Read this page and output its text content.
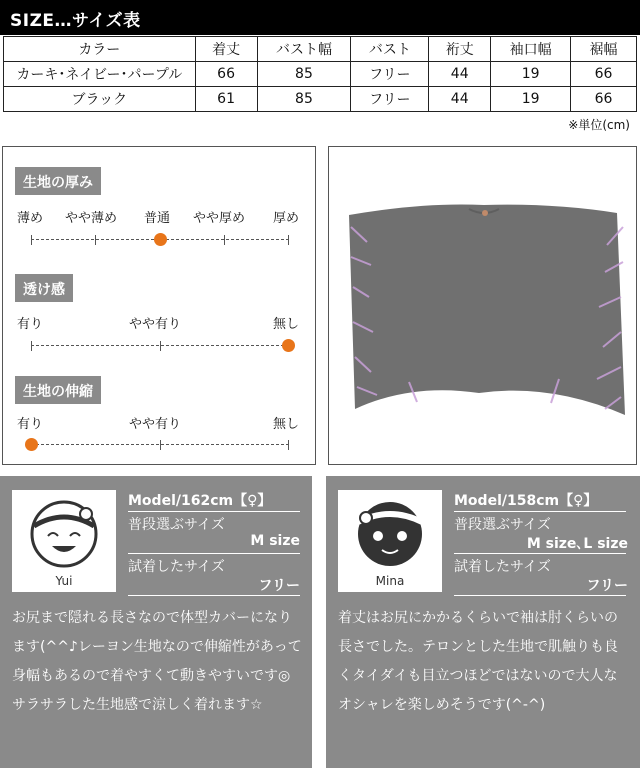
SIZE…サイズ表
カラー	着丈	バスト幅	バスト	裄丈	袖口幅	裾幅
カーキ･ネイビー･パープル	66	85	フリー	44	19	66
ブラック	61	85	フリー	44	19	66
※単位(cm)
生地の厚み
薄め やや薄め 普通 やや厚め 厚め
透け感
有り	やや有り	無し
生地の伸縮
有り	やや有り	無し
Yui
Model/162cm【♀】
普段選ぶサイズ
M size
試着したサイズ
フリー
お尻まで隠れる長さなので体型カバーになります(^^♪レーヨン生地なので伸縮性があって身幅もあるので着やすくて動きやすいです◎サラサラした生地感で涼しく着れます☆
Mina
Model/158cm【♀】
普段選ぶサイズ
M size､L size
試着したサイズ
フリー
着丈はお尻にかかるくらいで袖は肘くらいの長さでした。テロンとした生地で肌触りも良くタイダイも目立つほどではないので大人なオシャレを楽しめそうです(^-^)
